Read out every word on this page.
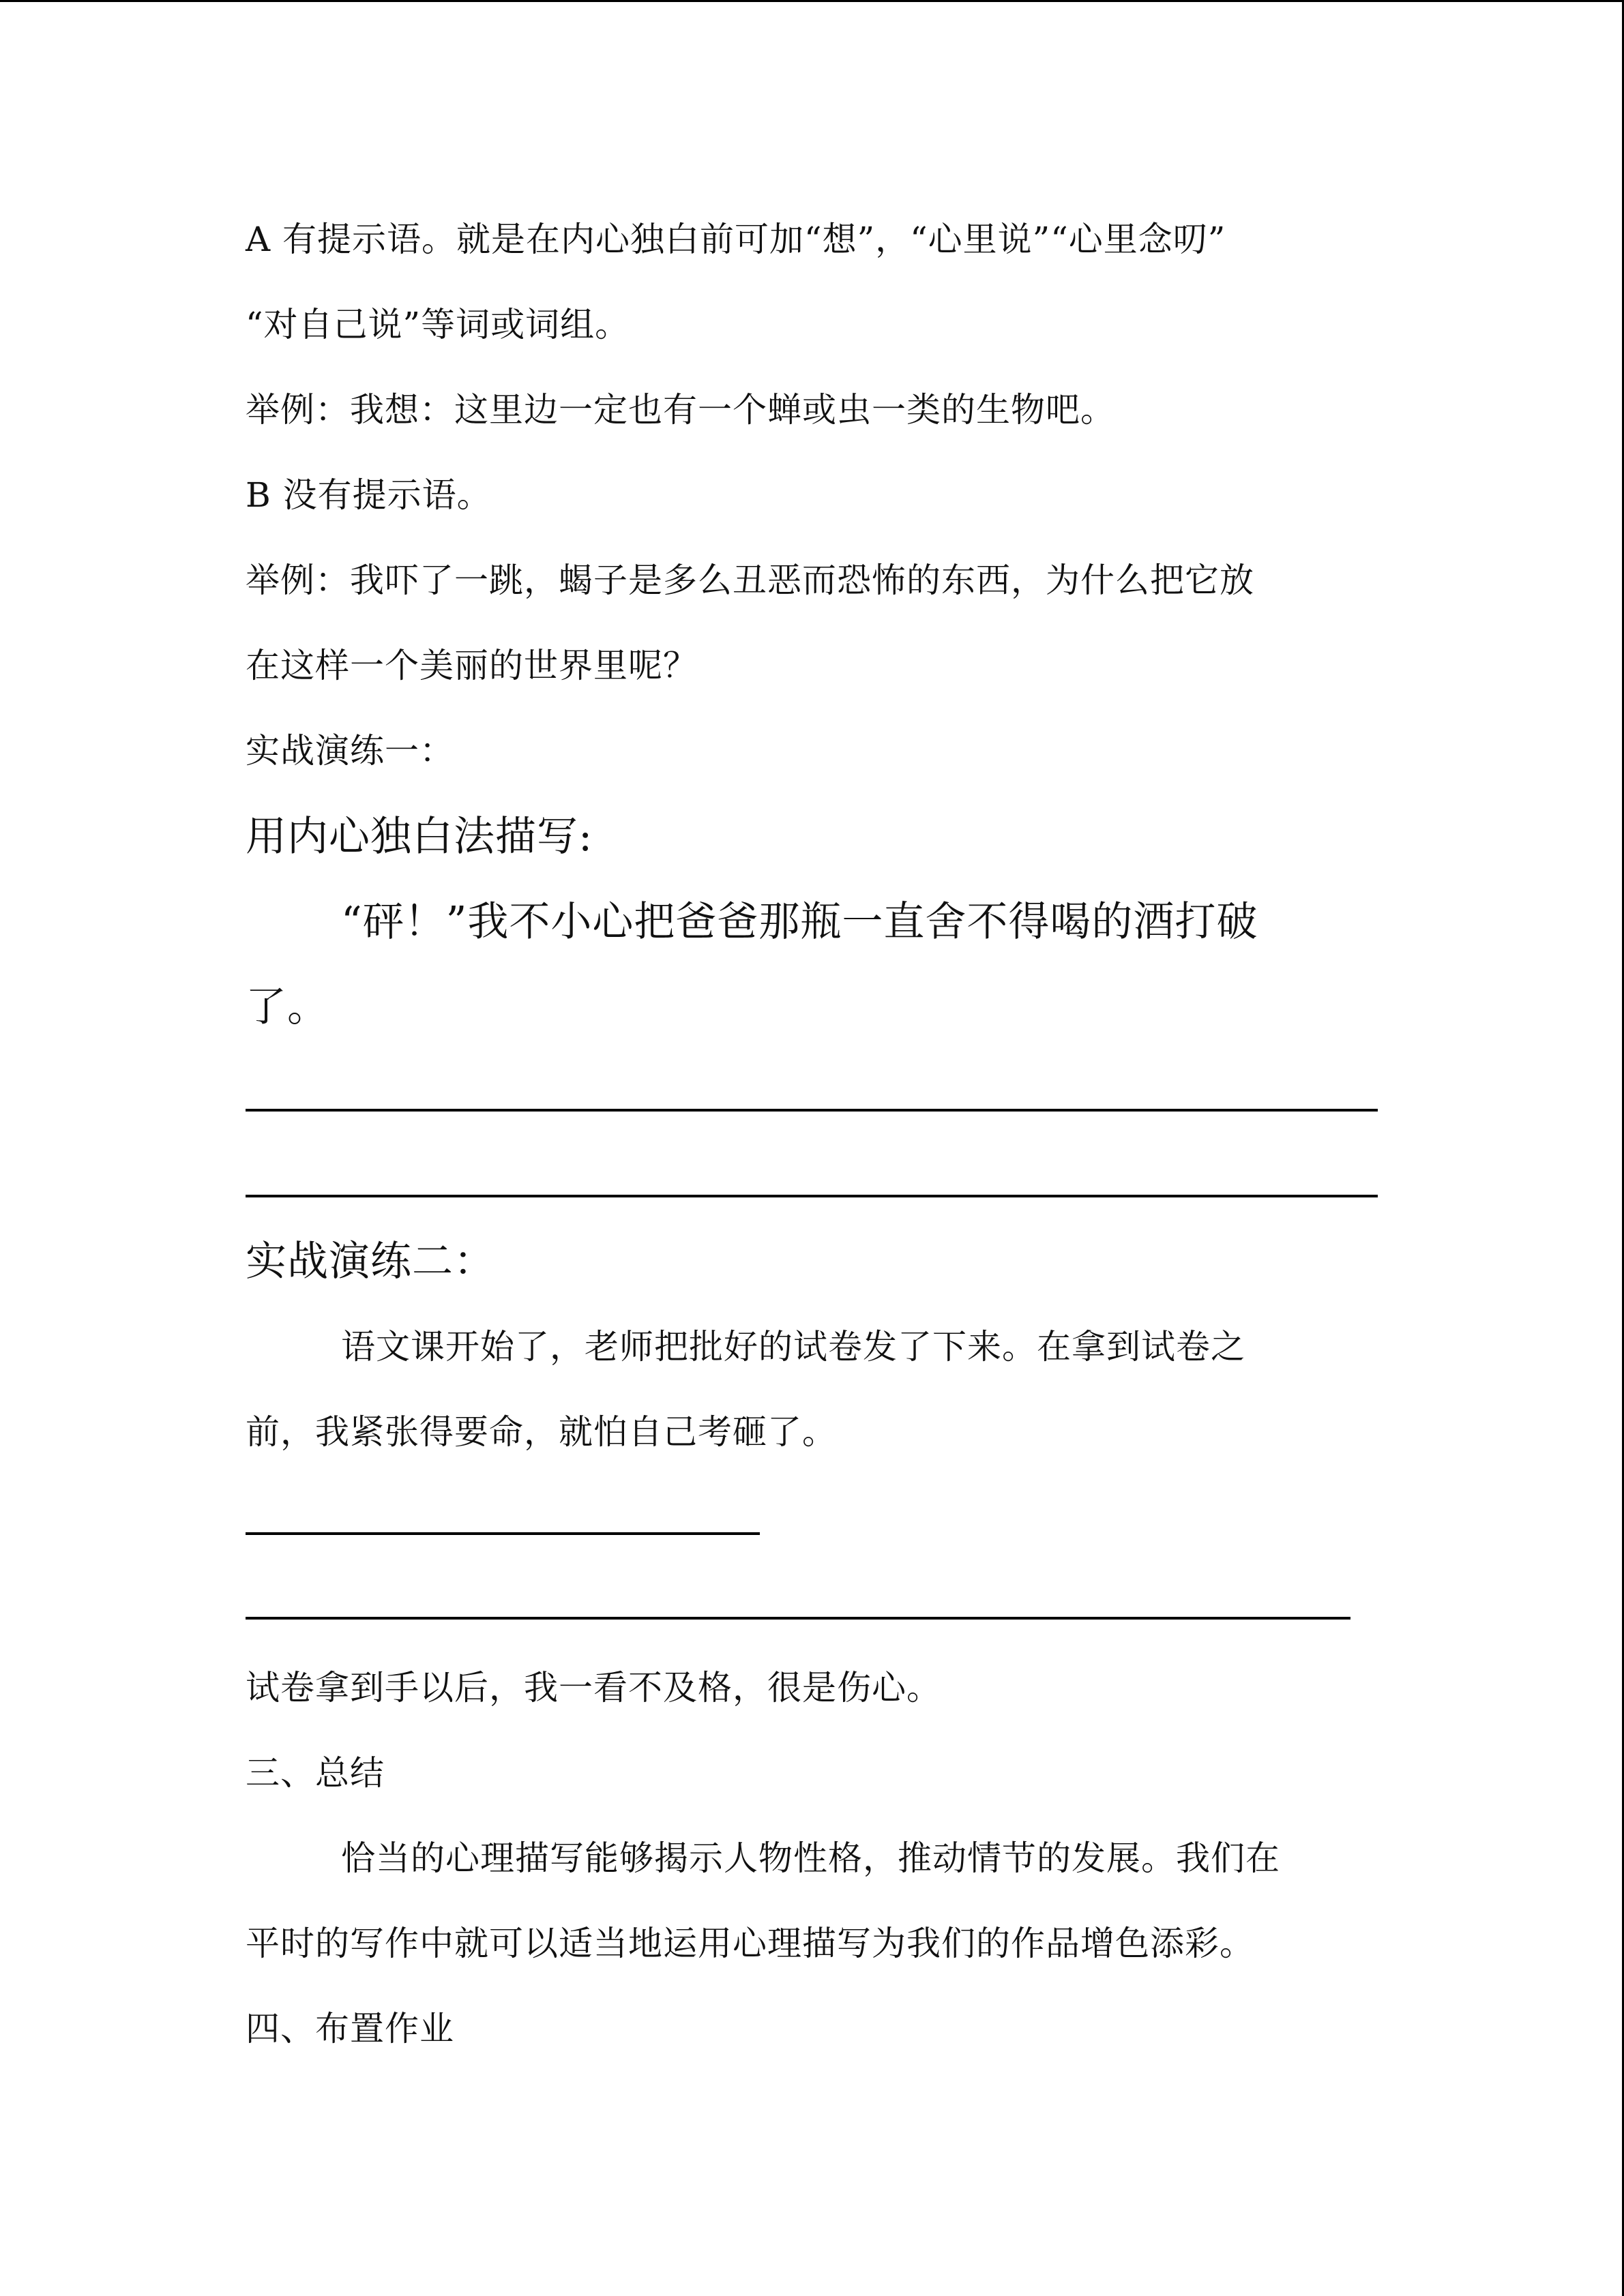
A 有提示语。就是在内心独白前可加“想”，“心里说”“心里念叨”
“对自己说”等词或词组。
举例：我想：这里边一定也有一个蝉或虫一类的生物吧。
B 没有提示语。
举例：我吓了一跳，蝎子是多么丑恶而恐怖的东西，为什么把它放
在这样一个美丽的世界里呢？
实战演练一：
用内心独白法描写:
“砰！”我不小心把爸爸那瓶一直舍不得喝的酒打破
了。
实战演练二：
语文课开始了，老师把批好的试卷发了下来。在拿到试卷之
前，我紧张得要命，就怕自己考砸了。
试卷拿到手以后，我一看不及格，很是伤心。
三、总结
恰当的心理描写能够揭示人物性格，推动情节的发展。我们在
平时的写作中就可以适当地运用心理描写为我们的作品增色添彩。
四、布置作业
